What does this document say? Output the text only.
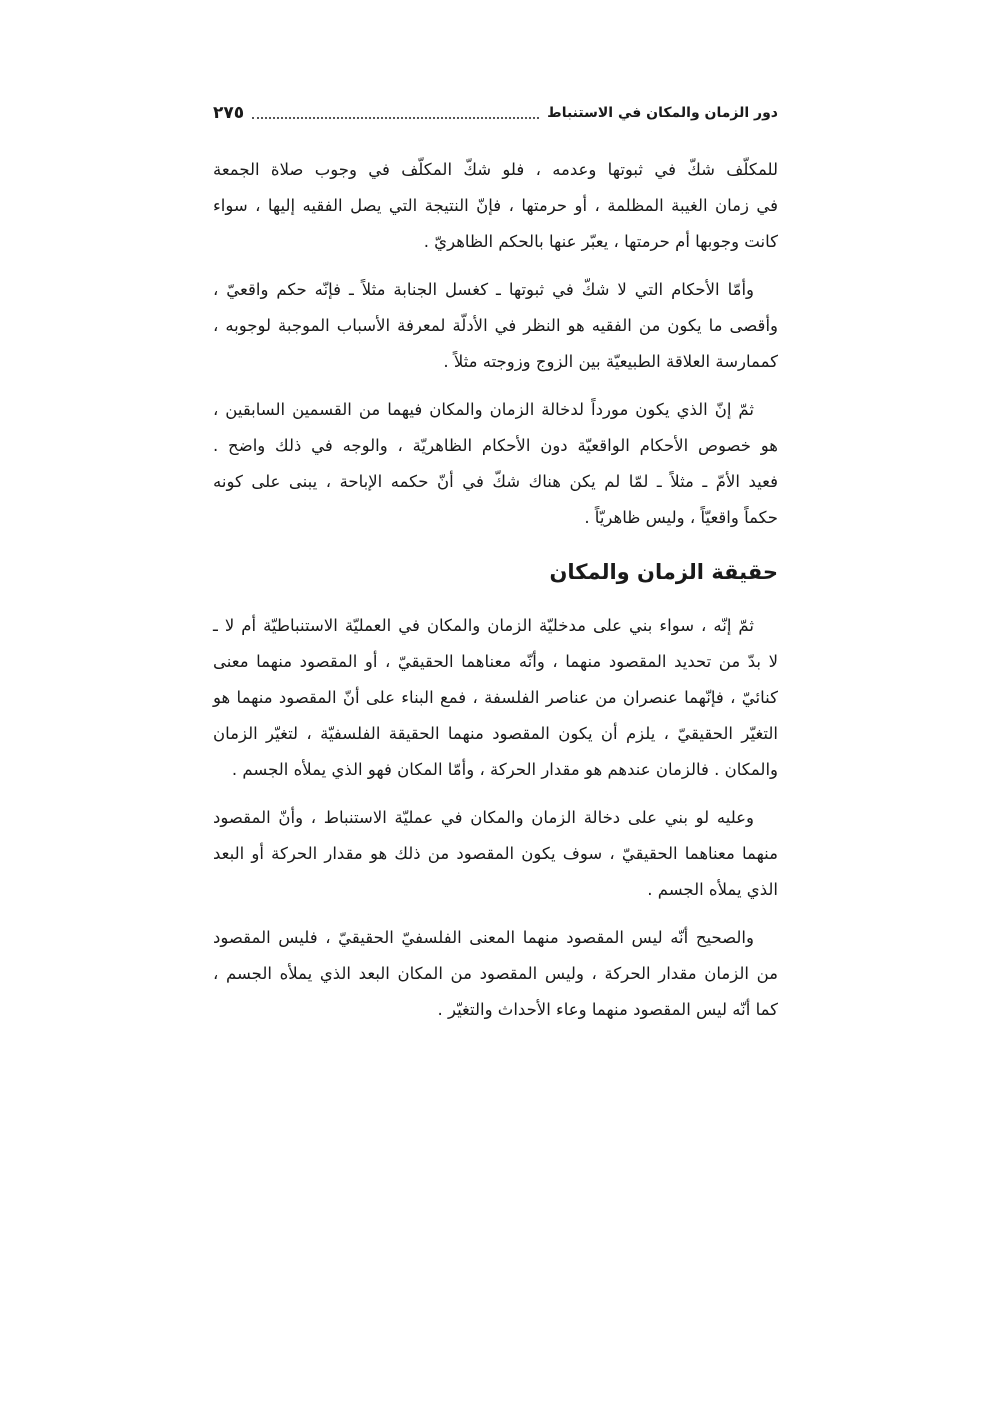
دور الزمان والمكان في الاستنباط
٢٧٥
للمكلّف شكّ في ثبوتها وعدمه ، فلو شكّ المكلّف في وجوب صلاة الجمعة
في زمان الغيبة المظلمة ، أو حرمتها ، فإنّ النتيجة التي يصل الفقيه إليها ، سواء
كانت وجوبها أم حرمتها ، يعبّر عنها بالحكم الظاهريّ .
وأمّا الأحكام التي لا شكّ في ثبوتها ـ كغسل الجنابة مثلاً ـ فإنّه حكم واقعيّ ،
وأقصى ما يكون من الفقيه هو النظر في الأدلّة لمعرفة الأسباب الموجبة لوجوبه ،
كممارسة العلاقة الطبيعيّة بين الزوج وزوجته مثلاً .
ثمّ إنّ الذي يكون مورداً لدخالة الزمان والمكان فيهما من القسمين السابقين ،
هو خصوص الأحكام الواقعيّة دون الأحكام الظاهريّة ، والوجه في ذلك واضح .
فعيد الأمّ ـ مثلاً ـ لمّا لم يكن هناك شكّ في أنّ حكمه الإباحة ، يبنى على كونه
حكماً واقعيّاً ، وليس ظاهريّاً .
حقيقة الزمان والمكان
ثمّ إنّه ، سواء بني على مدخليّة الزمان والمكان في العمليّة الاستنباطيّة أم لا ـ
لا بدّ من تحديد المقصود منهما ، وأنّه معناهما الحقيقيّ ، أو المقصود منهما معنى
كنائيّ ، فإنّهما عنصران من عناصر الفلسفة ، فمع البناء على أنّ المقصود منهما هو
التغيّر الحقيقيّ ، يلزم أن يكون المقصود منهما الحقيقة الفلسفيّة ، لتغيّر الزمان
والمكان . فالزمان عندهم هو مقدار الحركة ، وأمّا المكان فهو الذي يملأه الجسم .
وعليه لو بني على دخالة الزمان والمكان في عمليّة الاستنباط ، وأنّ المقصود
منهما معناهما الحقيقيّ ، سوف يكون المقصود من ذلك هو مقدار الحركة أو البعد
الذي يملأه الجسم .
والصحيح أنّه ليس المقصود منهما المعنى الفلسفيّ الحقيقيّ ، فليس المقصود
من الزمان مقدار الحركة ، وليس المقصود من المكان البعد الذي يملأه الجسم ،
كما أنّه ليس المقصود منهما وعاء الأحداث والتغيّر .
